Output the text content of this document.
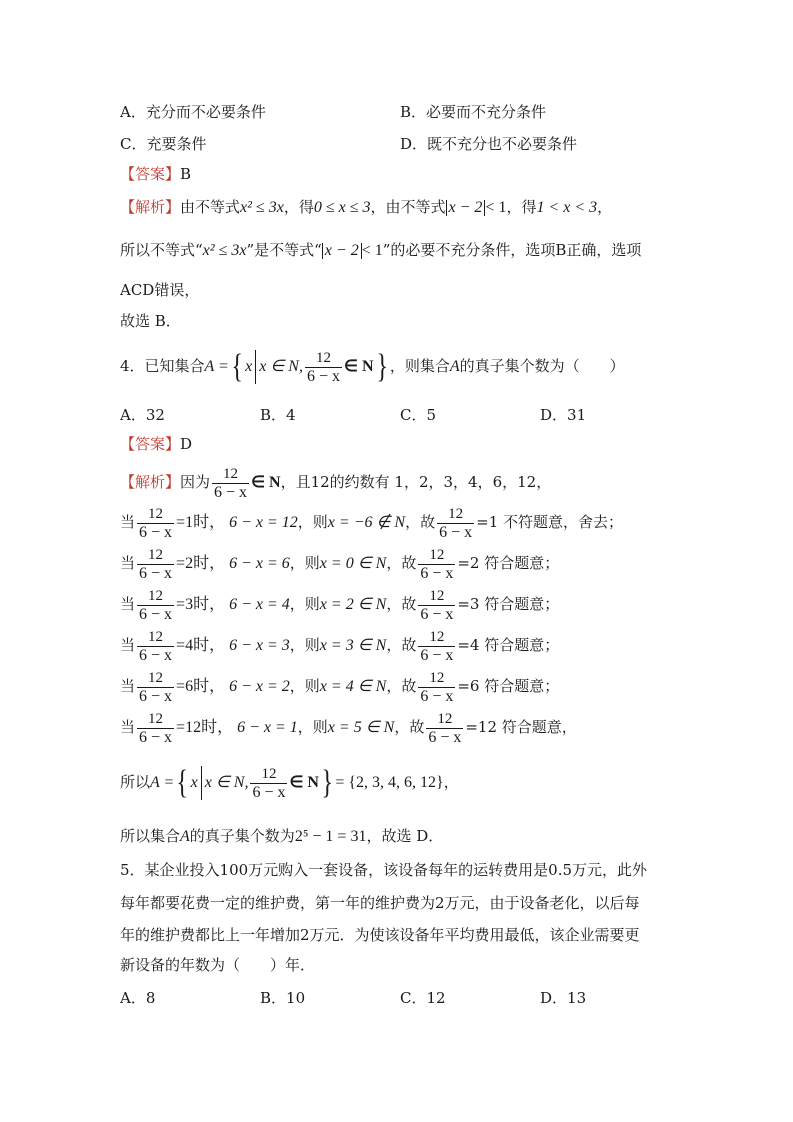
A．充分而不必要条件	B．必要而不充分条件
C．充要条件	D．既不充分也不必要条件
【答案】B
【解析】由不等式x² ≤ 3x，得0 ≤ x ≤ 3，由不等式 x − 2 < 1，得1 < x < 3，
所以不等式“x² ≤ 3x”是不等式“ x − 2 < 1”的必要不充分条件，选项B正确，选项
ACD错误，
故选 B．
4．已知集合A ={ x x ∈ N, $\frac{12}{6 - x}$ ∈ N} ，则集合A的真子集个数为（　　）
A．32	B．4	C．5	D．31
【答案】D
【解析】因为 $\frac{12}{6 - x}$ ∈ N，且12的约数有 1，2，3，4，6，12，
当 $\frac{12}{6 - x} =1$时， 6 − x = 12，则x = −6 ∉ N，故 $\frac{12}{6 - x} =1$ 不符题意，舍去；
当 $\frac{12}{6 - x} =2$时， 6 − x = 6，则x = 0 ∈ N，故 $\frac{12}{6 - x} =2$ 符合题意；
当 $\frac{12}{6 - x} =3$时， 6 − x = 4，则x = 2 ∈ N，故 $\frac{12}{6 - x} =3$ 符合题意；
当 $\frac{12}{6 - x} =4$时， 6 − x = 3，则x = 3 ∈ N，故 $\frac{12}{6 - x} =4$ 符合题意；
当 $\frac{12}{6 - x} =6$时， 6 − x = 2，则x = 4 ∈ N，故 $\frac{12}{6 - x} =6$ 符合题意；
当 $\frac{12}{6 - x} =12$时， 6 − x = 1，则x = 5 ∈ N，故 $\frac{12}{6 - x} =12$ 符合题意，
所以A ={ x x ∈ N, $\frac{12}{6 - x}$ ∈ N} = {2, 3, 4, 6, 12}，
所以集合A的真子集个数为2⁵ − 1 = 31，故选 D．
5．某企业投入100万元购入一套设备，该设备每年的运转费用是0.5万元，此外
每年都要花费一定的维护费，第一年的维护费为2万元，由于设备老化，以后每
年的维护费都比上一年增加2万元．为使该设备年平均费用最低，该企业需要更
新设备的年数为（　　）年．
A．8	B．10	C．12	D．13
